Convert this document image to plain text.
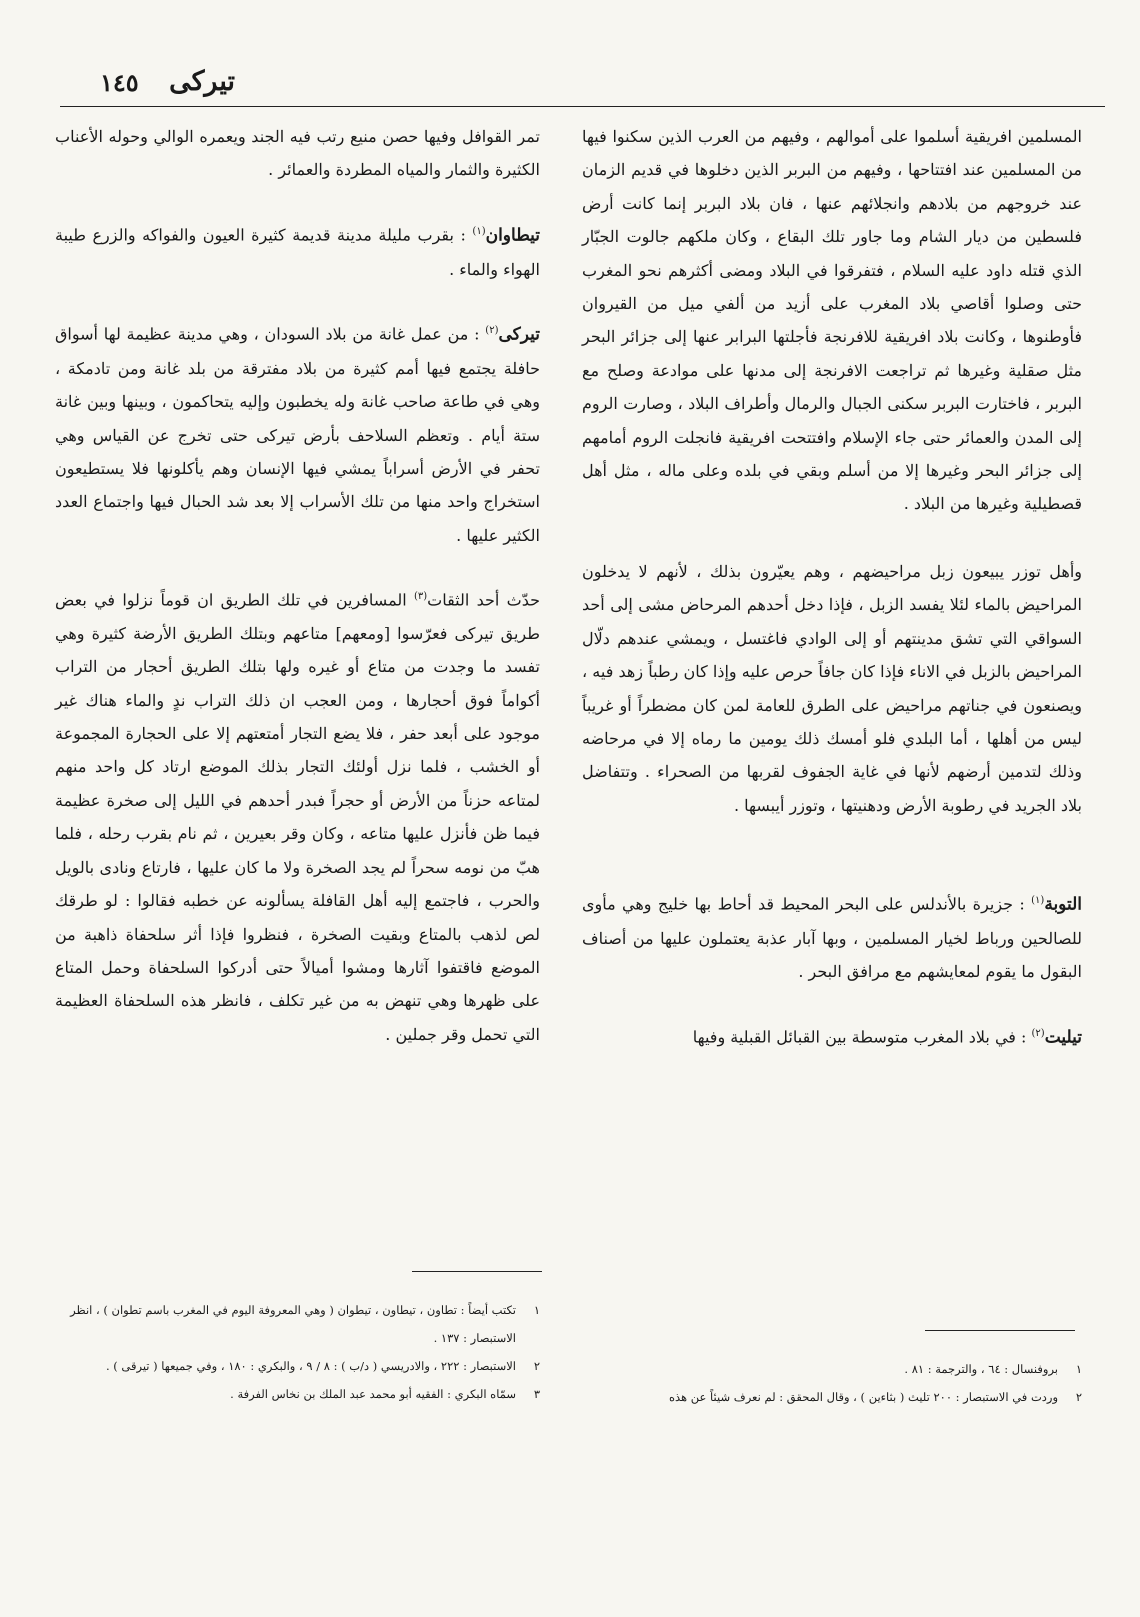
تيركى
١٤٥

المسلمين افريقية أسلموا على أموالهم ، وفيهم من العرب الذين سكنوا فيها من المسلمين عند افتتاحها ، وفيهم من البربر الذين دخلوها في قديم الزمان عند خروجهم من بلادهم وانجلائهم عنها ، فان بلاد البربر إنما كانت أرض فلسطين من ديار الشام وما جاور تلك البقاع ، وكان ملكهم جالوت الجبّار الذي قتله داود عليه السلام ، فتفرقوا في البلاد ومضى أكثرهم نحو المغرب حتى وصلوا أقاصي بلاد المغرب على أزيد من ألفي ميل من القيروان فأوطنوها ، وكانت بلاد افريقية للافرنجة فأجلتها البرابر عنها إلى جزائر البحر مثل صقلية وغيرها ثم تراجعت الافرنجة إلى مدنها على موادعة وصلح مع البربر ، فاختارت البربر سكنى الجبال والرمال وأطراف البلاد ، وصارت الروم إلى المدن والعمائر حتى جاء الإسلام وافتتحت افريقية فانجلت الروم أمامهم إلى جزائر البحر وغيرها إلا من أسلم وبقي في بلده وعلى ماله ، مثل أهل قصطيلية وغيرها من البلاد .

وأهل توزر يبيعون زبل مراحيضهم ، وهم يعيّرون بذلك ، لأنهم لا يدخلون المراحيض بالماء لئلا يفسد الزبل ، فإذا دخل أحدهم المرحاض مشى إلى أحد السواقي التي تشق مدينتهم أو إلى الوادي فاغتسل ، ويمشي عندهم دلّال المراحيض بالزبل في الاناء فإذا كان جافاً حرص عليه وإذا كان رطباً زهد فيه ، ويصنعون في جناتهم مراحيض على الطرق للعامة لمن كان مضطراً أو غريباً ليس من أهلها ، أما البلدي فلو أمسك ذلك يومين ما رماه إلا في مرحاضه وذلك لتدمين أرضهم لأنها في غاية الجفوف لقربها من الصحراء . وتتفاضل بلاد الجريد في رطوبة الأرض ودهنيتها ، وتوزر أيبسها .

التوبة$^{(١)}$ : جزيرة بالأندلس على البحر المحيط قد أحاط بها خليج وهي مأوى للصالحين ورباط لخيار المسلمين ، وبها آبار عذبة يعتملون عليها من أصناف البقول ما يقوم لمعايشهم مع مرافق البحر .

تيليت$^{(٢)}$ : في بلاد المغرب متوسطة بين القبائل القبلية وفيها

تمر القوافل وفيها حصن منيع رتب فيه الجند ويعمره الوالي وحوله الأعناب الكثيرة والثمار والمياه المطردة والعمائر .

تيطاوان$^{(١)}$ : بقرب مليلة مدينة قديمة كثيرة العيون والفواكه والزرع طيبة الهواء والماء .

تيركى$^{(٢)}$ : من عمل غانة من بلاد السودان ، وهي مدينة عظيمة لها أسواق حافلة يجتمع فيها أمم كثيرة من بلاد مفترقة من بلد غانة ومن تادمكة ، وهي في طاعة صاحب غانة وله يخطبون وإليه يتحاكمون ، وبينها وبين غانة ستة أيام . وتعظم السلاحف بأرض تيركى حتى تخرج عن القياس وهي تحفر في الأرض أسراباً يمشي فيها الإنسان وهم يأكلونها فلا يستطيعون استخراج واحد منها من تلك الأسراب إلا بعد شد الحبال فيها واجتماع العدد الكثير عليها .

حدّث أحد الثقات$^{(٣)}$ المسافرين في تلك الطريق ان قوماً نزلوا في بعض طريق تيركى فعرّسوا [ومعهم] متاعهم وبتلك الطريق الأرضة كثيرة وهي تفسد ما وجدت من متاع أو غيره ولها بتلك الطريق أحجار من التراب أكواماً فوق أحجارها ، ومن العجب ان ذلك التراب ندٍ والماء هناك غير موجود على أبعد حفر ، فلا يضع التجار أمتعتهم إلا على الحجارة المجموعة أو الخشب ، فلما نزل أولئك التجار بذلك الموضع ارتاد كل واحد منهم لمتاعه حزناً من الأرض أو حجراً فبدر أحدهم في الليل إلى صخرة عظيمة فيما ظن فأنزل عليها متاعه ، وكان وقر بعيرين ، ثم نام بقرب رحله ، فلما هبّ من نومه سحراً لم يجد الصخرة ولا ما كان عليها ، فارتاع ونادى بالويل والحرب ، فاجتمع إليه أهل القافلة يسألونه عن خطبه فقالوا : لو طرقك لص لذهب بالمتاع وبقيت الصخرة ، فنظروا فإذا أثر سلحفاة ذاهبة من الموضع فاقتفوا آثارها ومشوا أميالاً حتى أدركوا السلحفاة وحمل المتاع على ظهرها وهي تنهض به من غير تكلف ، فانظر هذه السلحفاة العظيمة التي تحمل وقر جملين .

١
تكتب أيضاً : تطاون ، تيطاون ، تيطوان ( وهي المعروفة اليوم في المغرب باسم تطوان ) ، انظر الاستبصار : ١٣٧ .
٢
الاستبصار : ٢٢٢ ، والادريسي ( د/ب ) : ٨ / ٩ ، والبكري : ١٨٠ ، وفي جميعها ( تيرقى ) .
٣
سمّاه البكري : الفقيه أبو محمد عبد الملك بن نخاس الفرفة .
١
بروفنسال : ٦٤ ، والترجمة : ٨١ .
٢
وردت في الاستبصار : ٢٠٠ تليث ( بثاءين ) ، وقال المحقق : لم نعرف شيئاً عن هذه
